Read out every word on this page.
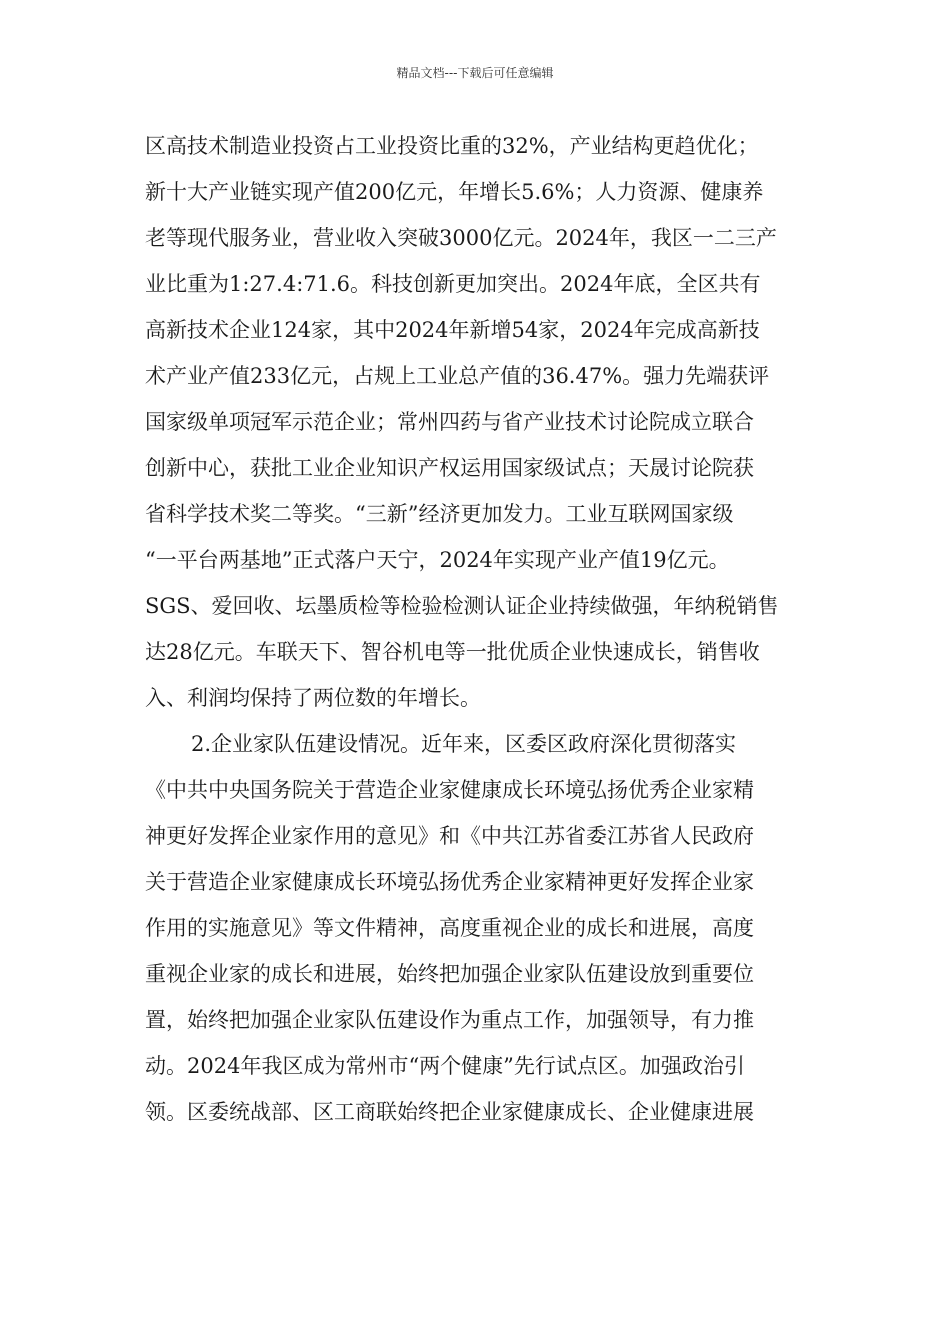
精品文档---下载后可任意编辑
区高技术制造业投资占工业投资比重的32%，产业结构更趋优化；
新十大产业链实现产值200亿元，年增长5.6%；人力资源、健康养
老等现代服务业，营业收入突破3000亿元。2024年，我区一二三产
业比重为1:27.4:71.6。科技创新更加突出。2024年底，全区共有
高新技术企业124家，其中2024年新增54家，2024年完成高新技
术产业产值233亿元，占规上工业总产值的36.47%。强力先端获评
国家级单项冠军示范企业；常州四药与省产业技术讨论院成立联合
创新中心，获批工业企业知识产权运用国家级试点；天晟讨论院获
省科学技术奖二等奖。“三新”经济更加发力。工业互联网国家级
“一平台两基地”正式落户天宁，2024年实现产业产值19亿元。
SGS、爱回收、坛墨质检等检验检测认证企业持续做强，年纳税销售
达28亿元。车联天下、智谷机电等一批优质企业快速成长，销售收
入、利润均保持了两位数的年增长。
2.企业家队伍建设情况。近年来，区委区政府深化贯彻落实
《中共中央国务院关于营造企业家健康成长环境弘扬优秀企业家精
神更好发挥企业家作用的意见》和《中共江苏省委江苏省人民政府
关于营造企业家健康成长环境弘扬优秀企业家精神更好发挥企业家
作用的实施意见》等文件精神，高度重视企业的成长和进展，高度
重视企业家的成长和进展，始终把加强企业家队伍建设放到重要位
置，始终把加强企业家队伍建设作为重点工作，加强领导，有力推
动。2024年我区成为常州市“两个健康”先行试点区。加强政治引
领。区委统战部、区工商联始终把企业家健康成长、企业健康进展
